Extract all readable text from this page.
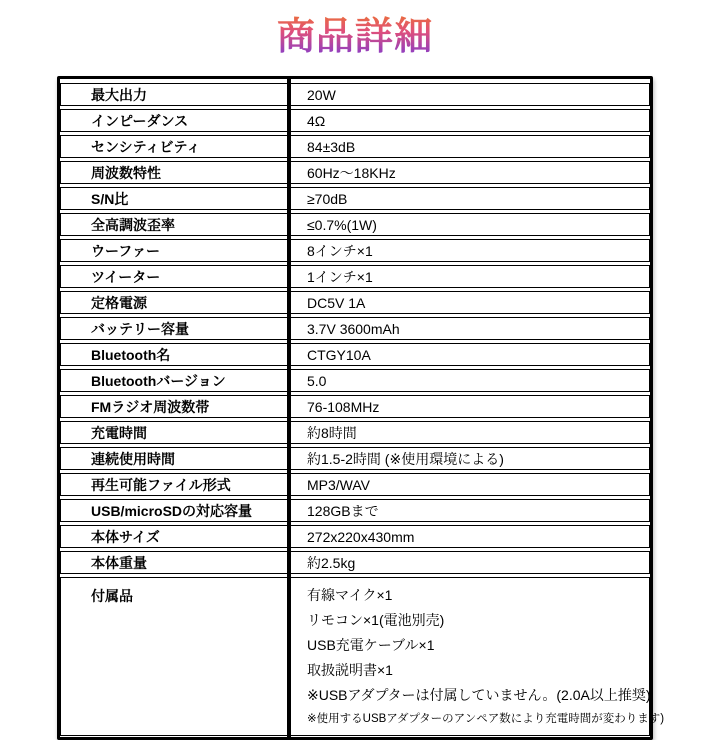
商品詳細
最大出力	20W
インピーダンス	4Ω
センシティビティ	84±3dB
周波数特性	60Hz〜18KHz
S/N比	≥70dB
全高調波歪率	≤0.7%(1W)
ウーファー	8インチ×1
ツイーター	1インチ×1
定格電源	DC5V 1A
バッテリー容量	3.7V 3600mAh
Bluetooth名	CTGY10A
Bluetoothバージョン	5.0
FMラジオ周波数帯	76-108MHz
充電時間	約8時間
連続使用時間	約1.5-2時間 (※使用環境による)
再生可能ファイル形式	MP3/WAV
USB/microSDの対応容量	128GBまで
本体サイズ	272x220x430mm
本体重量	約2.5kg
付属品	有線マイク×1
リモコン×1(電池別売)
USB充電ケーブル×1
取扱説明書×1
※USBアダプターは付属していません。(2.0A以上推奨)
※使用するUSBアダプターのアンペア数により充電時間が変わります)
